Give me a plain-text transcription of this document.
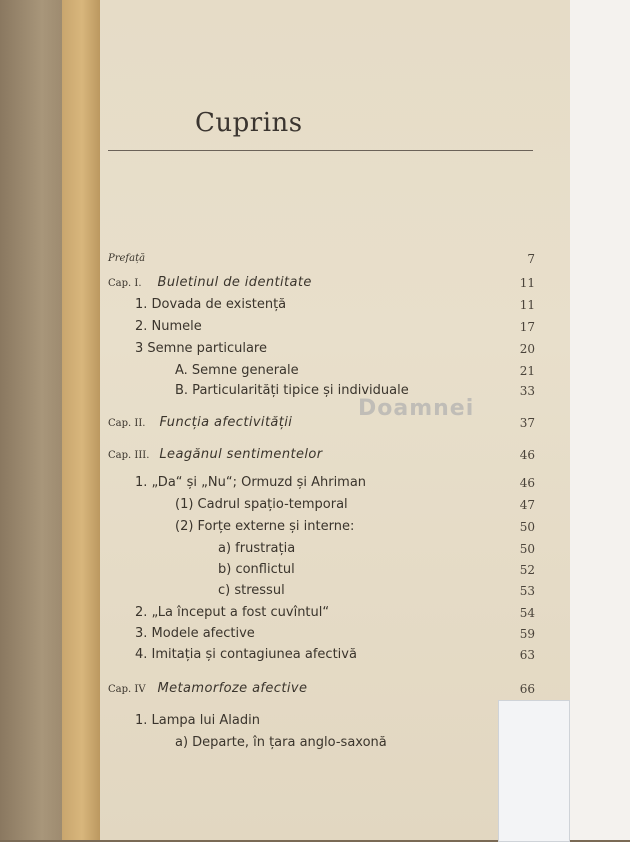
Cuprins
Doamnei
Prefață	7
Cap. I. Buletinul de identitate	11
1. Dovada de existență	11
2. Numele	17
3 Semne particulare	20
A. Semne generale	21
B. Particularități tipice și individuale	33
Cap. II. Funcția afectivității	37
Cap. III. Leagănul sentimentelor	46
1. „Da“ și „Nu“; Ormuzd și Ahriman	46
(1) Cadrul spațio-temporal	47
(2) Forțe externe și interne:	50
a) frustrația	50
b) conflictul	52
c) stressul	53
2. „La început a fost cuvîntul“	54
3. Modele afective	59
4. Imitația și contagiunea afectivă	63
Cap. IV Metamorfoze afective	66
1. Lampa lui Aladin
a) Departe, în țara anglo-saxonă
